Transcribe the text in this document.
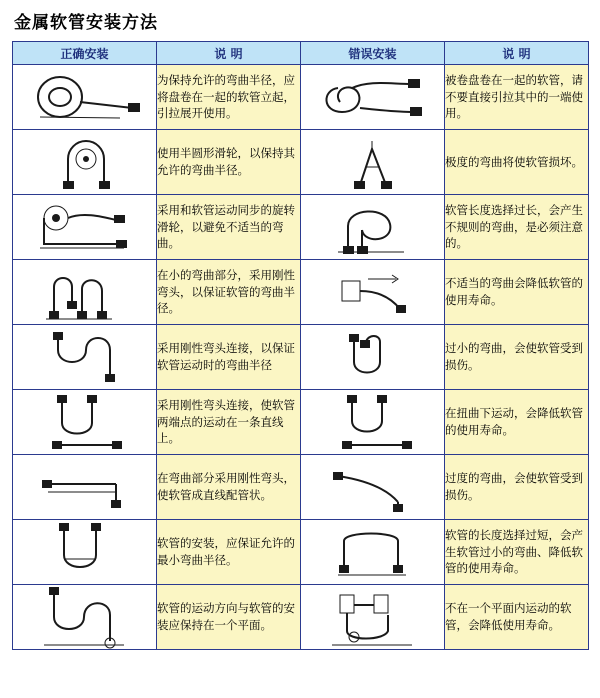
金属软管安装方法
正确安装	说 明	错误安装	说 明

	为保持允许的弯曲半径，应将盘卷在一起的软管立起，引拉展开使用。		被卷盘卷在一起的软管，请不要直接引拉其中的一端使用。

	使用半圆形滑轮，以保持其允许的弯曲半径。		极度的弯曲将使软管损坏。

	采用和软管运动同步的旋转滑轮，以避免不适当的弯曲。		软管长度选择过长，会产生不规则的弯曲，是必须注意的。

	在小的弯曲部分，采用刚性弯头，以保证软管的弯曲半径。		不适当的弯曲会降低软管的使用寿命。

	采用刚性弯头连接，以保证软管运动时的弯曲半径		过小的弯曲，会使软管受到损伤。

	采用刚性弯头连接，使软管两端点的运动在一条直线上。		在扭曲下运动，会降低软管的使用寿命。

	在弯曲部分采用刚性弯头，使软管成直线配管状。		过度的弯曲，会使软管受到损伤。

	软管的安装，应保证允许的最小弯曲半径。		软管的长度选择过短，会产生软管过小的弯曲、降低软管的使用寿命。

	软管的运动方向与软管的安装应保持在一个平面。		不在一个平面内运动的软管，会降低使用寿命。
